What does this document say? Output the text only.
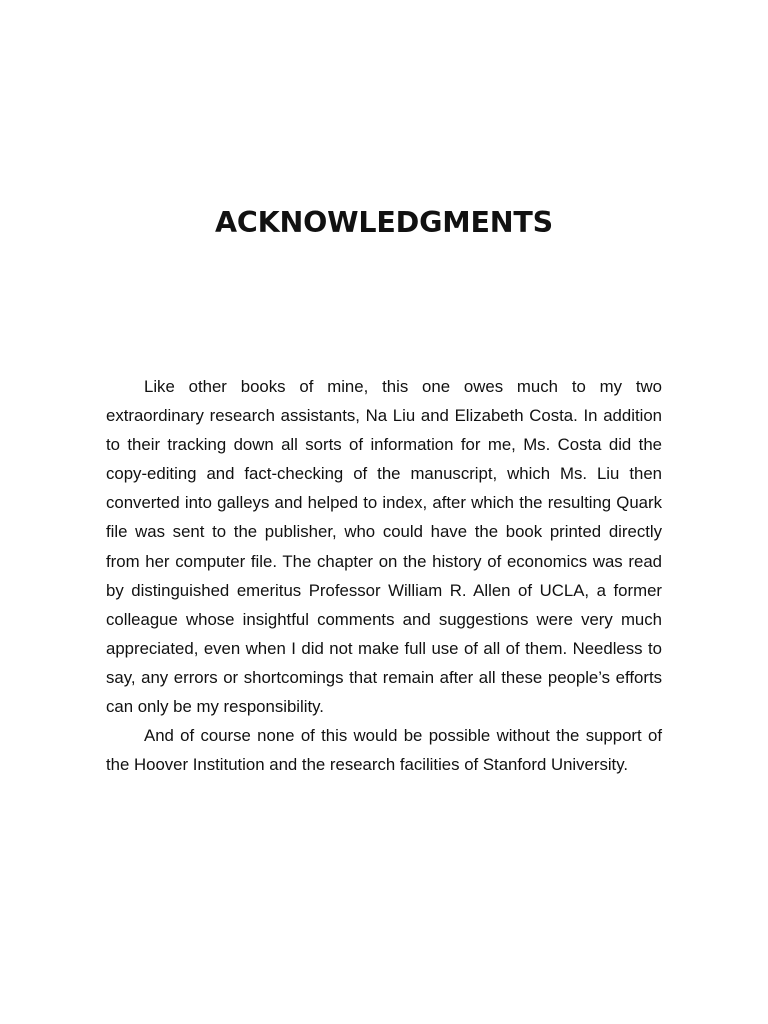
ACKNOWLEDGMENTS

Like other books of mine, this one owes much to my two extraordinary research assistants, Na Liu and Elizabeth Costa. In addition to their tracking down all sorts of information for me, Ms. Costa did the copy-editing and fact-checking of the manuscript, which Ms. Liu then converted into galleys and helped to index, after which the resulting Quark file was sent to the publisher, who could have the book printed directly from her computer file. The chapter on the history of economics was read by distinguished emeritus Professor William R. Allen of UCLA, a former colleague whose insightful comments and suggestions were very much appreciated, even when I did not make full use of all of them. Needless to say, any errors or shortcomings that remain after all these people’s efforts can only be my responsibility.

And of course none of this would be possible without the support of the Hoover Institution and the research facilities of Stanford University.
